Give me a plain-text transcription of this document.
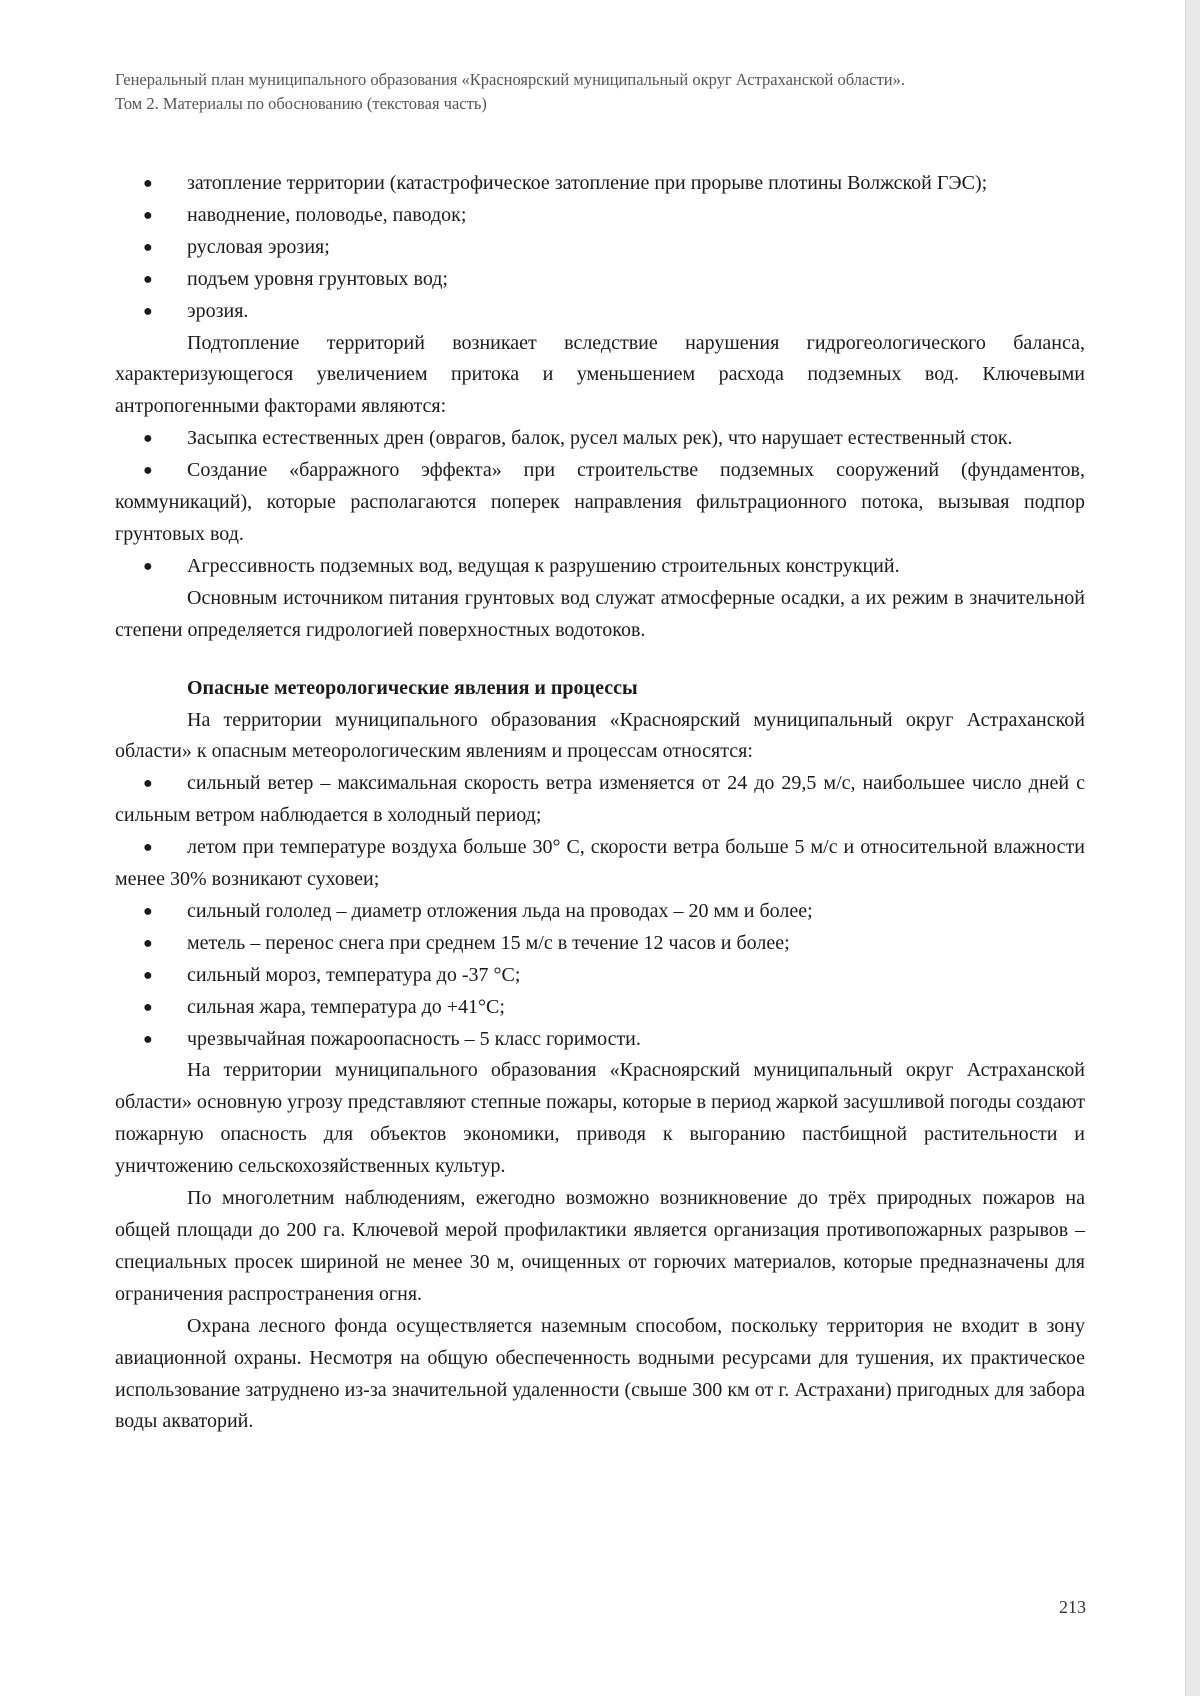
Генеральный план муниципального образования «Красноярский муниципальный округ Астраханской области».
Том 2. Материалы по обоснованию (текстовая часть)

● затопление территории (катастрофическое затопление при прорыве плотины Волжской ГЭС);

● наводнение, половодье, паводок;

● русловая эрозия;

● подъем уровня грунтовых вод;

● эрозия.

Подтопление территорий возникает вследствие нарушения гидрогеологического баланса, характеризующегося увеличением притока и уменьшением расхода подземных вод. Ключевыми антропогенными факторами являются:

● Засыпка естественных дрен (оврагов, балок, русел малых рек), что нарушает естественный сток.

● Создание «барражного эффекта» при строительстве подземных сооружений (фундаментов, коммуникаций), которые располагаются поперек направления фильтрационного потока, вызывая подпор грунтовых вод.

● Агрессивность подземных вод, ведущая к разрушению строительных конструкций.

Основным источником питания грунтовых вод служат атмосферные осадки, а их режим в значительной степени определяется гидрологией поверхностных водотоков.

Опасные метеорологические явления и процессы

На территории муниципального образования «Красноярский муниципальный округ Астраханской области» к опасным метеорологическим явлениям и процессам относятся:

● сильный ветер – максимальная скорость ветра изменяется от 24 до 29,5 м/с, наибольшее число дней с сильным ветром наблюдается в холодный период;

● летом при температуре воздуха больше 30° С, скорости ветра больше 5 м/с и относительной влажности менее 30% возникают суховеи;

● сильный гололед – диаметр отложения льда на проводах – 20 мм и более;

● метель – перенос снега при среднем 15 м/с в течение 12 часов и более;

● сильный мороз, температура до -37 °С;

● сильная жара, температура до +41°С;

● чрезвычайная пожароопасность – 5 класс горимости.

На территории муниципального образования «Красноярский муниципальный округ Астраханской области» основную угрозу представляют степные пожары, которые в период жаркой засушливой погоды создают пожарную опасность для объектов экономики, приводя к выгоранию пастбищной растительности и уничтожению сельскохозяйственных культур.

По многолетним наблюдениям, ежегодно возможно возникновение до трёх природных пожаров на общей площади до 200 га. Ключевой мерой профилактики является организация противопожарных разрывов – специальных просек шириной не менее 30 м, очищенных от горючих материалов, которые предназначены для ограничения распространения огня.

Охрана лесного фонда осуществляется наземным способом, поскольку территория не входит в зону авиационной охраны. Несмотря на общую обеспеченность водными ресурсами для тушения, их практическое использование затруднено из-за значительной удаленности (свыше 300 км от г. Астрахани) пригодных для забора воды акваторий.

213
